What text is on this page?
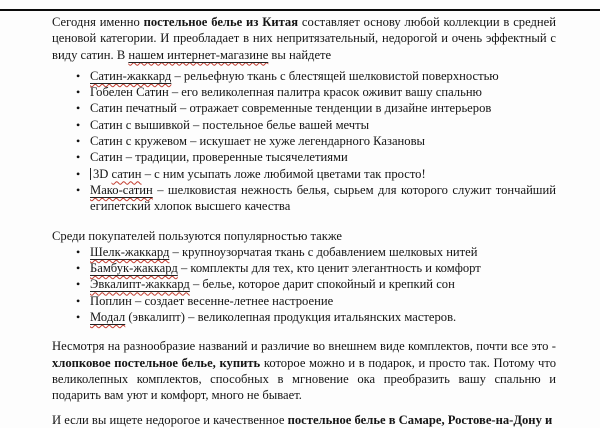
Сегодня именно постельное белье из Китая составляет основу любой коллекции в средней ценовой категории. И преобладает в них непритязательный, недорогой и очень эффектный с виду сатин. В нашем интернет-магазине вы найдете
• Сатин-жаккард – рельефную ткань с блестящей шелковистой поверхностью
• Гобелен Сатин – его великолепная палитра красок оживит вашу спальню
• Сатин печатный – отражает современные тенденции в дизайне интерьеров
• Сатин с вышивкой – постельное белье вашей мечты
• Сатин с кружевом – искушает не хуже легендарного Казановы
• Сатин – традиции, проверенные тысячелетиями
• 3D сатин – с ним усыпать ложе любимой цветами так просто!
• Мако-сатин – шелковистая нежность белья, сырьем для которого служит тончайший египетский хлопок высшего качества
Среди покупателей пользуются популярностью также
• Шелк-жаккард – крупноузорчатая ткань с добавлением шелковых нитей
• Бамбук-жаккард – комплекты для тех, кто ценит элегантность и комфорт
• Эвкалипт-жаккард – белье, которое дарит спокойный и крепкий сон
• Поплин – создает весенне-летнее настроение
• Модал (эвкалипт) – великолепная продукция итальянских мастеров.
Несмотря на разнообразие названий и различие во внешнем виде комплектов, почти все это - хлопковое постельное белье, купить которое можно и в подарок, и просто так. Потому что великолепных комплектов, способных в мгновение ока преобразить вашу спальню и подарить вам уют и комфорт, много не бывает.
И если вы ищете недорогое и качественное постельное белье в Самаре, Ростове-на-Дону и
